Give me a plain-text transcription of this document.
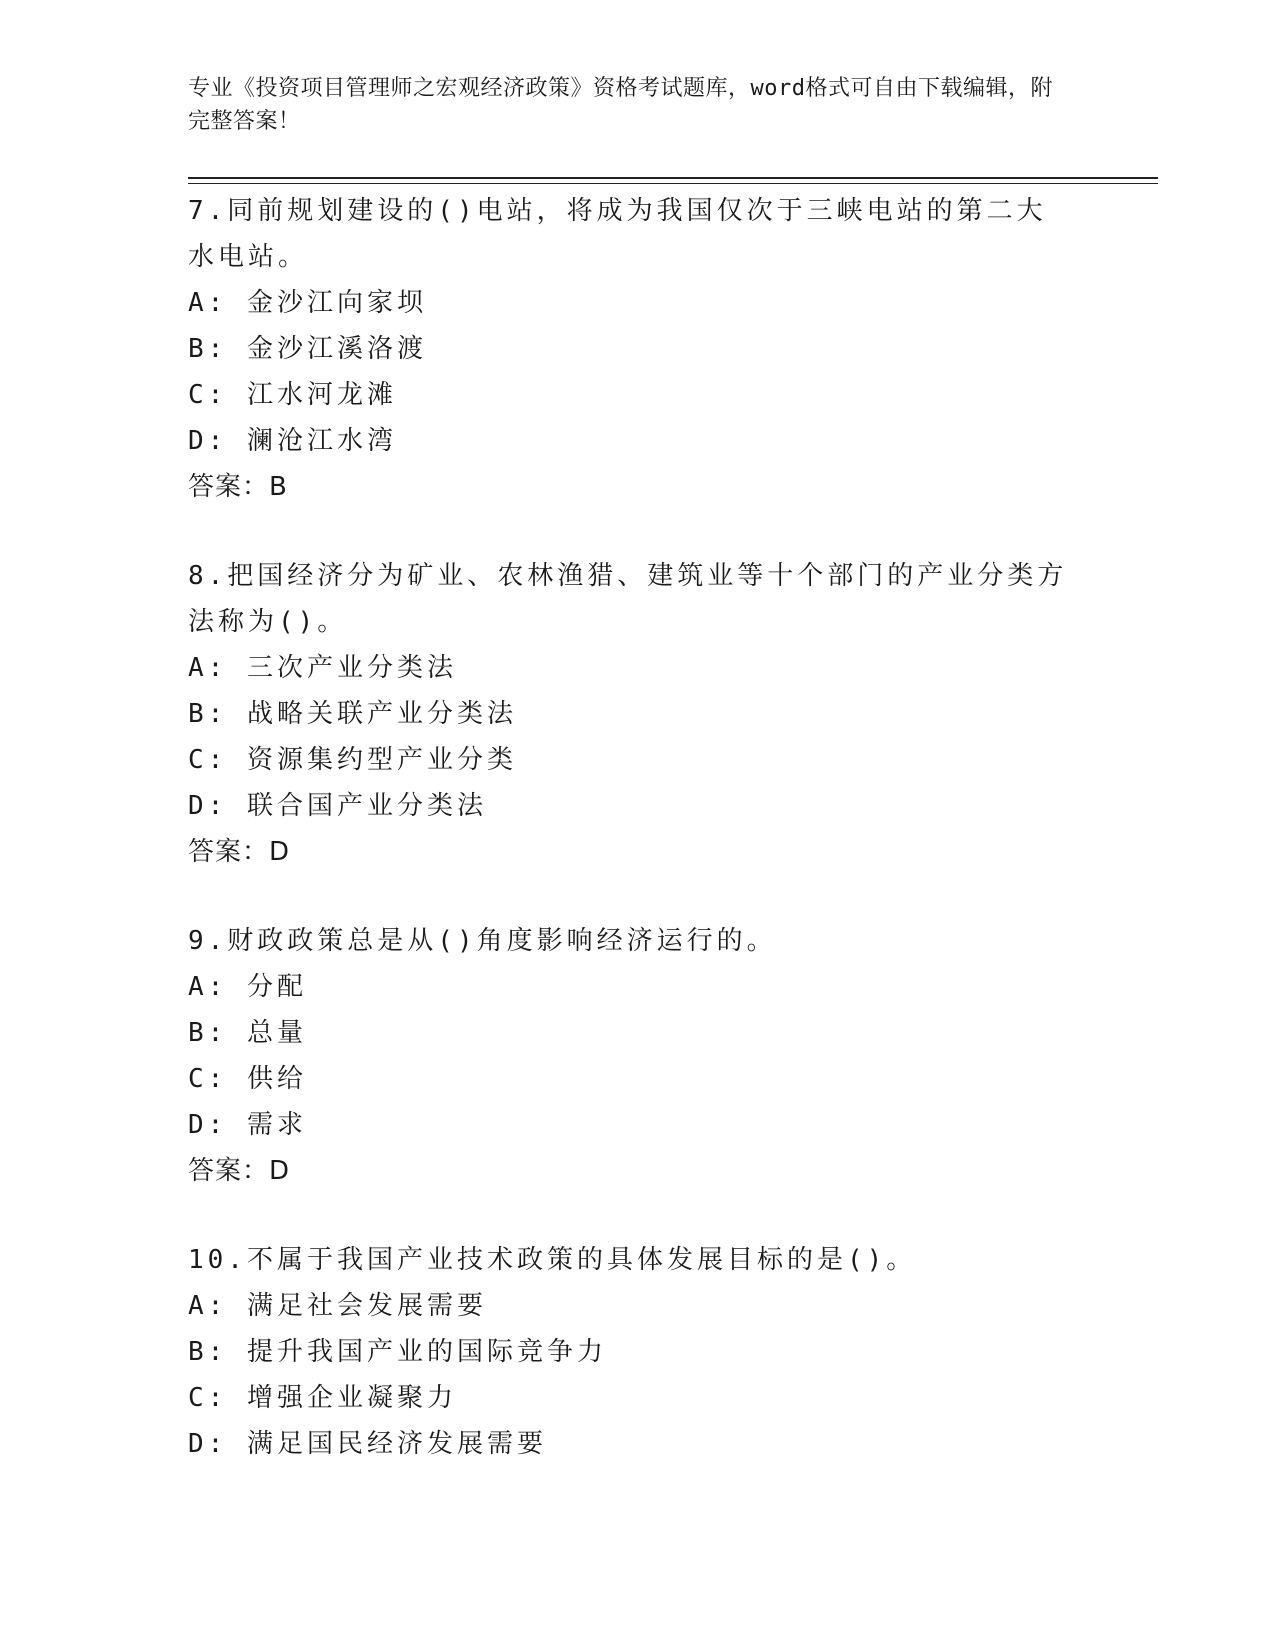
专业《投资项目管理师之宏观经济政策》资格考试题库，word格式可自由下载编辑，附完整答案！

7.同前规划建设的()电站，将成为我国仅次于三峡电站的第二大水电站。

A: 金沙江向家坝

B: 金沙江溪洛渡

C: 江水河龙滩

D: 澜沧江水湾

答案：B

8.把国经济分为矿业、农林渔猎、建筑业等十个部门的产业分类方法称为()。

A: 三次产业分类法

B: 战略关联产业分类法

C: 资源集约型产业分类

D: 联合国产业分类法

答案：D

9.财政政策总是从()角度影响经济运行的。

A: 分配

B: 总量

C: 供给

D: 需求

答案：D

10.不属于我国产业技术政策的具体发展目标的是()。

A: 满足社会发展需要

B: 提升我国产业的国际竞争力

C: 增强企业凝聚力

D: 满足国民经济发展需要
